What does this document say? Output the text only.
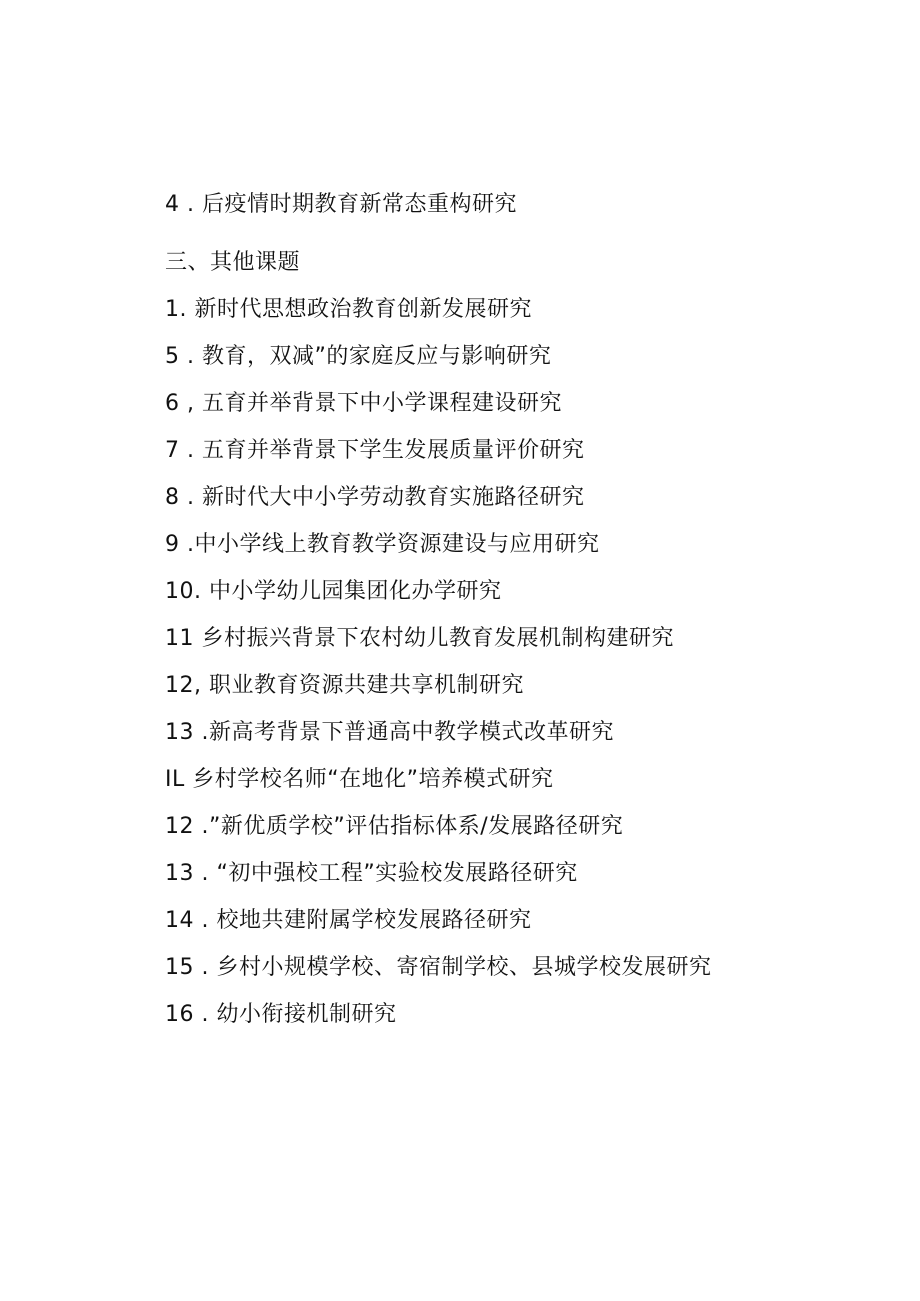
4 . 后疫情时期教育新常态重构研究
三、其他课题
1. 新时代思想政治教育创新发展研究
5 . 教育，双减”的家庭反应与影响研究
6 , 五育并举背景下中小学课程建设研究
7 . 五育并举背景下学生发展质量评价研究
8 . 新时代大中小学劳动教育实施路径研究
9 .中小学线上教育教学资源建设与应用研究
10. 中小学幼儿园集团化办学研究
11 乡村振兴背景下农村幼儿教育发展机制构建研究
12, 职业教育资源共建共享机制研究
13 .新高考背景下普通高中教学模式改革研究
IL 乡村学校名师“在地化”培养模式研究
12 .”新优质学校”评估指标体系/发展路径研究
13 . “初中强校工程”实验校发展路径研究
14 . 校地共建附属学校发展路径研究
15 . 乡村小规模学校、寄宿制学校、县城学校发展研究
16 . 幼小衔接机制研究
